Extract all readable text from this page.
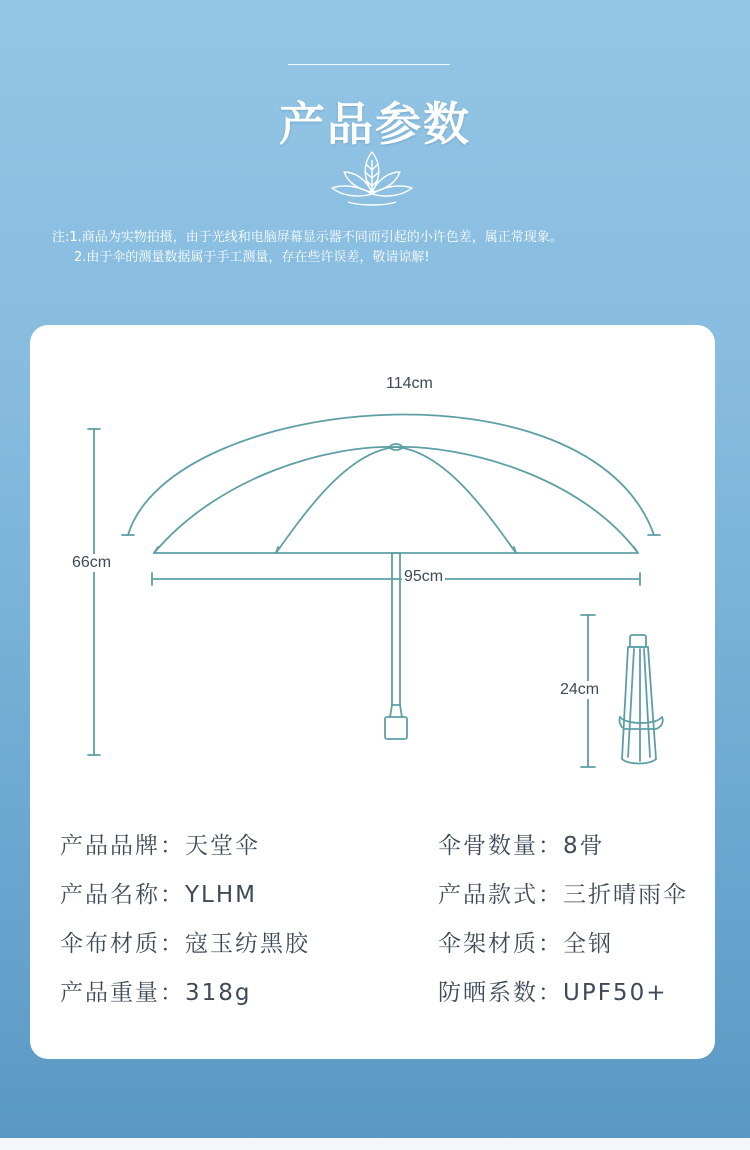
产品参数
注:1.商品为实物拍摄，由于光线和电脑屏幕显示器不同而引起的小许色差，属正常现象。
2.由于伞的测量数据属于手工测量，存在些许误差，敬请谅解!
114cm
66cm
95cm
24cm
产品品牌：天堂伞	伞骨数量：8骨
产品名称：YLHM	产品款式：三折晴雨伞
伞布材质：寇玉纺黑胶	伞架材质：全钢
产品重量：318g	防晒系数：UPF50+
